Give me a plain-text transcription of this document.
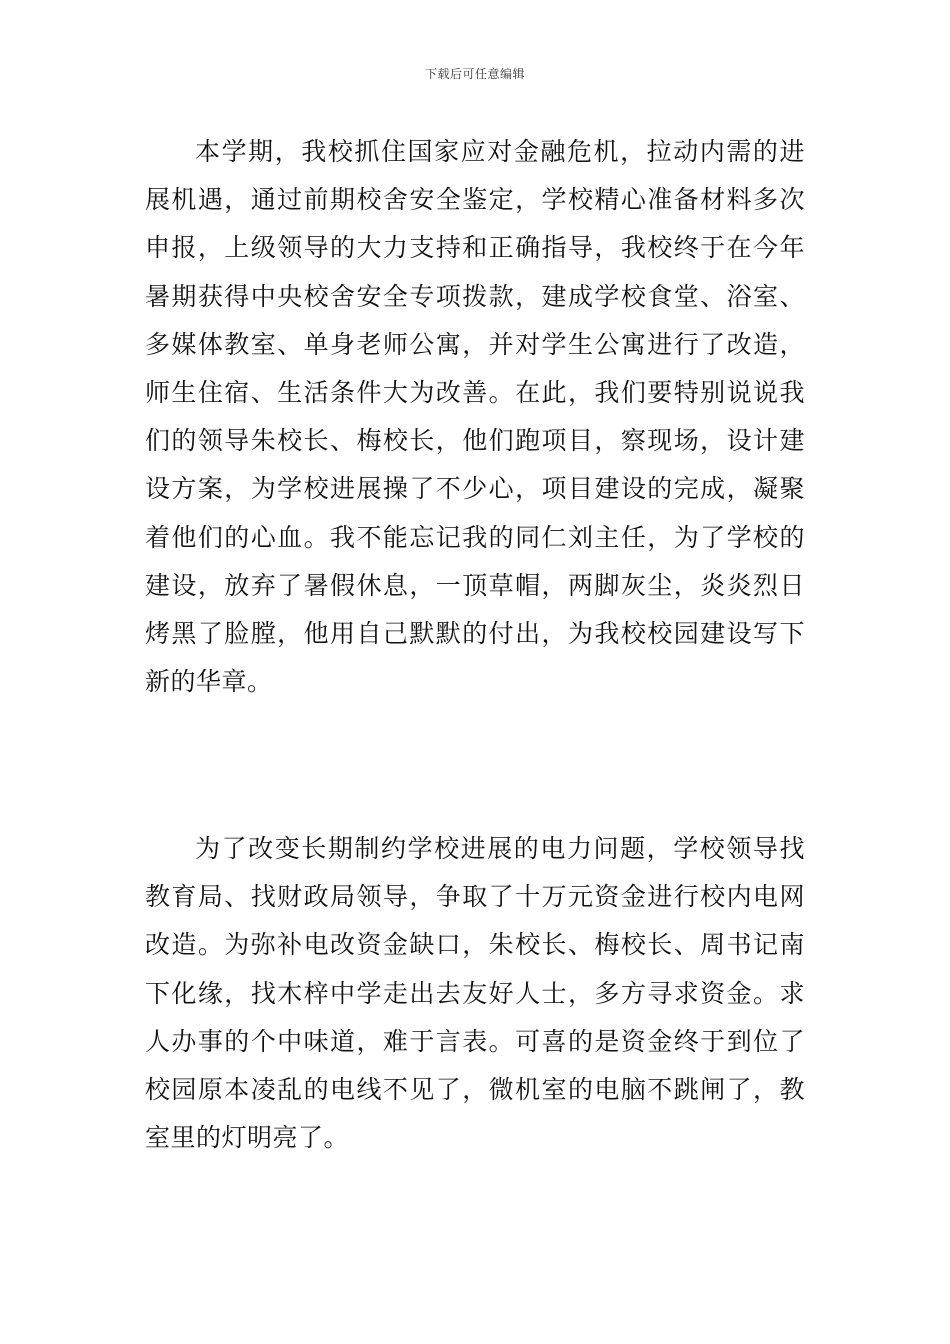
下载后可任意编辑

本学期，我校抓住国家应对金融危机，拉动内需的进展机遇，通过前期校舍安全鉴定，学校精心准备材料多次申报，上级领导的大力支持和正确指导，我校终于在今年暑期获得中央校舍安全专项拨款，建成学校食堂、浴室、多媒体教室、单身老师公寓，并对学生公寓进行了改造，师生住宿、生活条件大为改善。在此，我们要特别说说我们的领导朱校长、梅校长，他们跑项目，察现场，设计建设方案，为学校进展操了不少心，项目建设的完成，凝聚着他们的心血。我不能忘记我的同仁刘主任，为了学校的建设，放弃了暑假休息，一顶草帽，两脚灰尘，炎炎烈日烤黑了脸膛，他用自己默默的付出，为我校校园建设写下新的华章。

为了改变长期制约学校进展的电力问题，学校领导找教育局、找财政局领导，争取了十万元资金进行校内电网改造。为弥补电改资金缺口，朱校长、梅校长、周书记南下化缘，找木梓中学走出去友好人士，多方寻求资金。求人办事的个中味道，难于言表。可喜的是资金终于到位了校园原本凌乱的电线不见了，微机室的电脑不跳闸了，教室里的灯明亮了。
